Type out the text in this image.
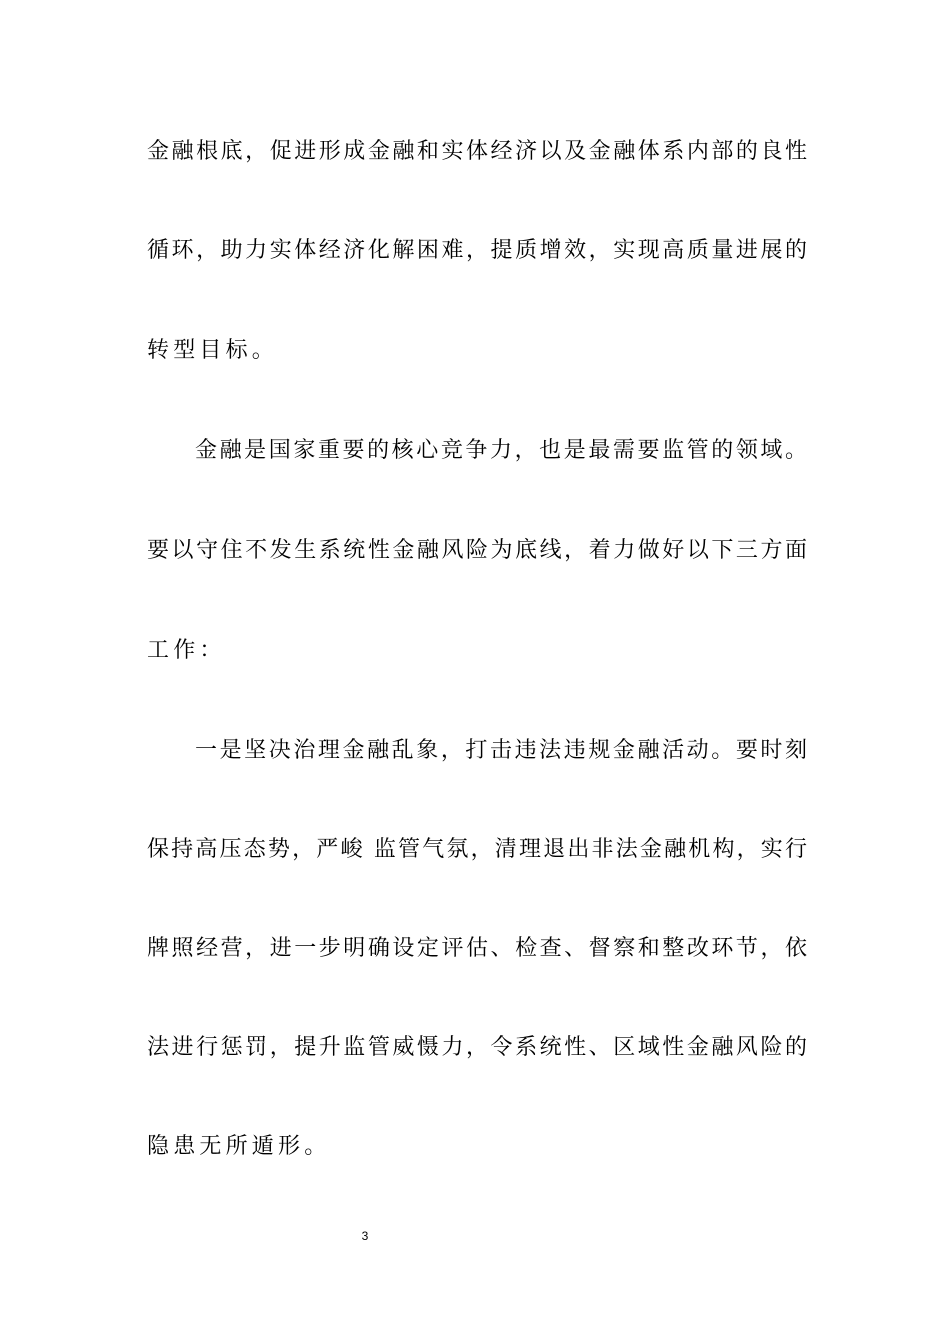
金融根底，促进形成金融和实体经济以及金融体系内部的良性
循环，助力实体经济化解困难，提质增效，实现高质量进展的
转型目标。
金融是国家重要的核心竞争力，也是最需要监管的领域。
要以守住不发生系统性金融风险为底线，着力做好以下三方面
工作：
一是坚决治理金融乱象，打击违法违规金融活动。要时刻
保持高压态势，严峻 监管气氛，清理退出非法金融机构，实行
牌照经营，进一步明确设定评估、检查、督察和整改环节，依
法进行惩罚，提升监管威慑力，令系统性、区域性金融风险的
隐患无所遁形。
3
